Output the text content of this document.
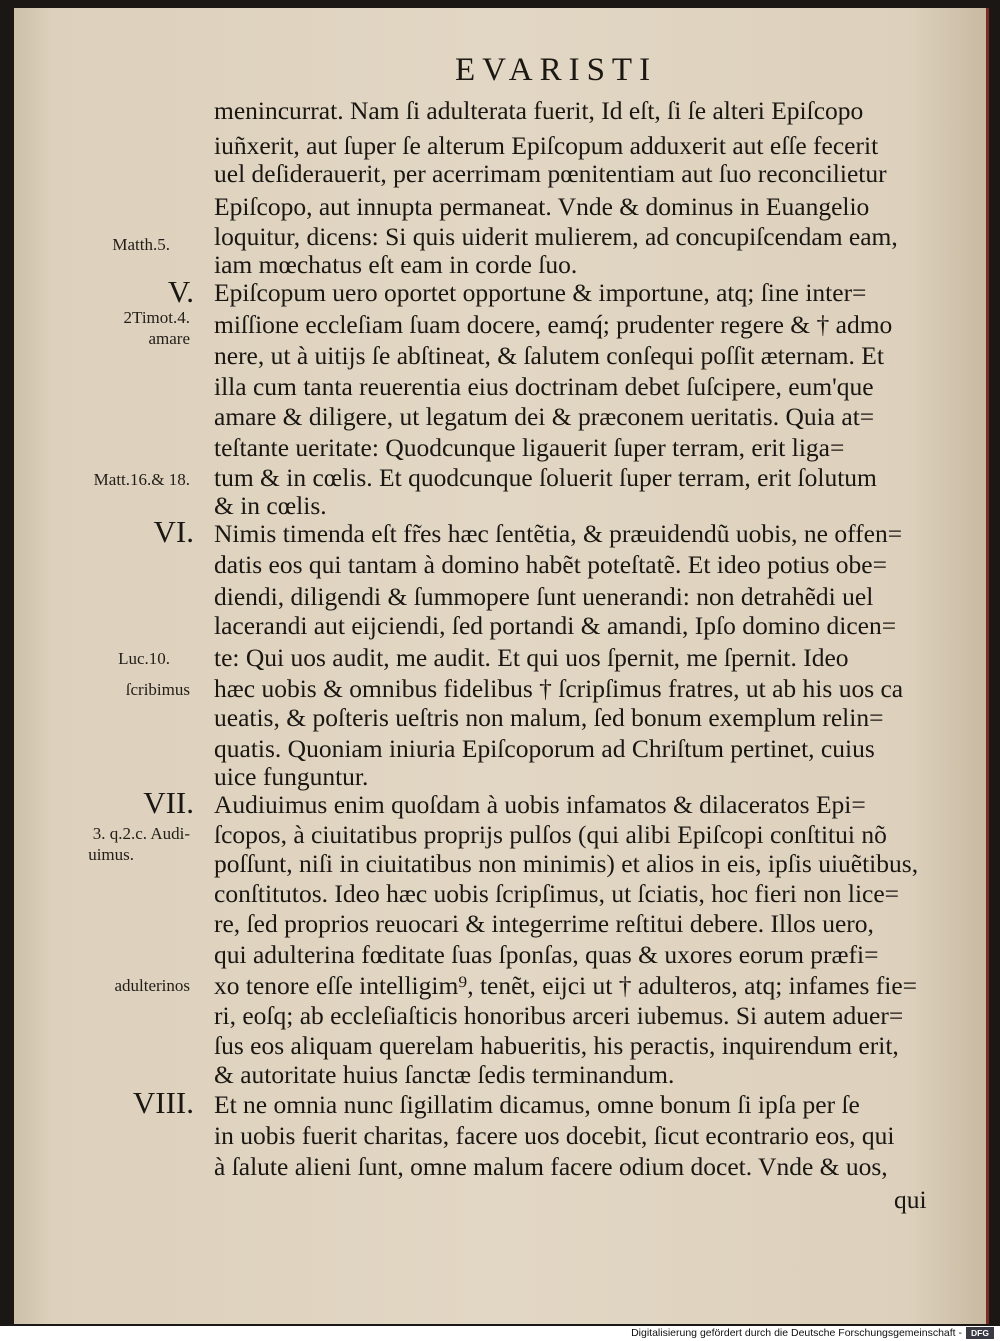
EVARISTI
menincurrat. Nam ſi adulterata fuerit, Id eſt, ſi ſe alteri Epiſcopo
iuñxerit, aut ſuper ſe alterum Epiſcopum adduxerit aut eſſe fecerit
uel deſiderauerit, per acerrimam pœnitentiam aut ſuo reconcilietur
Epiſcopo, aut innupta permaneat. Vnde & dominus in Euangelio
loquitur, dicens: Si quis uiderit mulierem, ad concupiſcendam eam,
iam mœchatus eſt eam in corde ſuo.
Epiſcopum uero oportet opportune & importune, atq; ſine inter=
miſſione eccleſiam ſuam docere, eamq́; prudenter regere & † admo
nere, ut à uitijs ſe abſtineat, & ſalutem conſequi poſſit æternam. Et
illa cum tanta reuerentia eius doctrinam debet ſuſcipere, eum'que
amare & diligere, ut legatum dei & præconem ueritatis. Quia at=
teſtante ueritate: Quodcunque ligauerit ſuper terram, erit liga=
tum & in cœlis. Et quodcunque ſoluerit ſuper terram, erit ſolutum
& in cœlis.
Nimis timenda eſt fr̃es hæc ſentẽtia, & præuidendũ uobis, ne offen=
datis eos qui tantam à domino habẽt poteſtatẽ. Et ideo potius obe=
diendi, diligendi & ſummopere ſunt uenerandi: non detrahẽdi uel
lacerandi aut eijciendi, ſed portandi & amandi, Ipſo domino dicen=
te: Qui uos audit, me audit. Et qui uos ſpernit, me ſpernit. Ideo
hæc uobis & omnibus fidelibus † ſcripſimus fratres, ut ab his uos ca
ueatis, & poſteris ueſtris non malum, ſed bonum exemplum relin=
quatis. Quoniam iniuria Epiſcoporum ad Chriſtum pertinet, cuius
uice funguntur.
Audiuimus enim quoſdam à uobis infamatos & dilaceratos Epi=
ſcopos, à ciuitatibus proprijs pulſos (qui alibi Epiſcopi conſtitui nõ
poſſunt, niſi in ciuitatibus non minimis) et alios in eis, ipſis uiuẽtibus,
conſtitutos. Ideo hæc uobis ſcripſimus, ut ſciatis, hoc fieri non lice=
re, ſed proprios reuocari & integerrime reſtitui debere. Illos uero,
qui adulterina fœditate ſuas ſponſas, quas & uxores eorum præfi=
xo tenore eſſe intelligim⁹, tenẽt, eijci ut † adulteros, atq; infames fie=
ri, eoſq; ab eccleſiaſticis honoribus arceri iubemus. Si autem aduer=
ſus eos aliquam querelam habueritis, his peractis, inquirendum erit,
& autoritate huius ſanctæ ſedis terminandum.
Et ne omnia nunc ſigillatim dicamus, omne bonum ſi ipſa per ſe
in uobis fuerit charitas, facere uos docebit, ſicut econtrario eos, qui
à ſalute alieni ſunt, omne malum facere odium docet. Vnde & uos,
qui
V.
VI.
VII.
VIII.
Matth.5.
2Timot.4.
amare
Matt.16.& 18.
Luc.10.
ſcribimus
3. q.2.c. Audi-
uimus.
adulterinos
Digitalisierung gefördert durch die Deutsche Forschungsgemeinschaft -	DFG
